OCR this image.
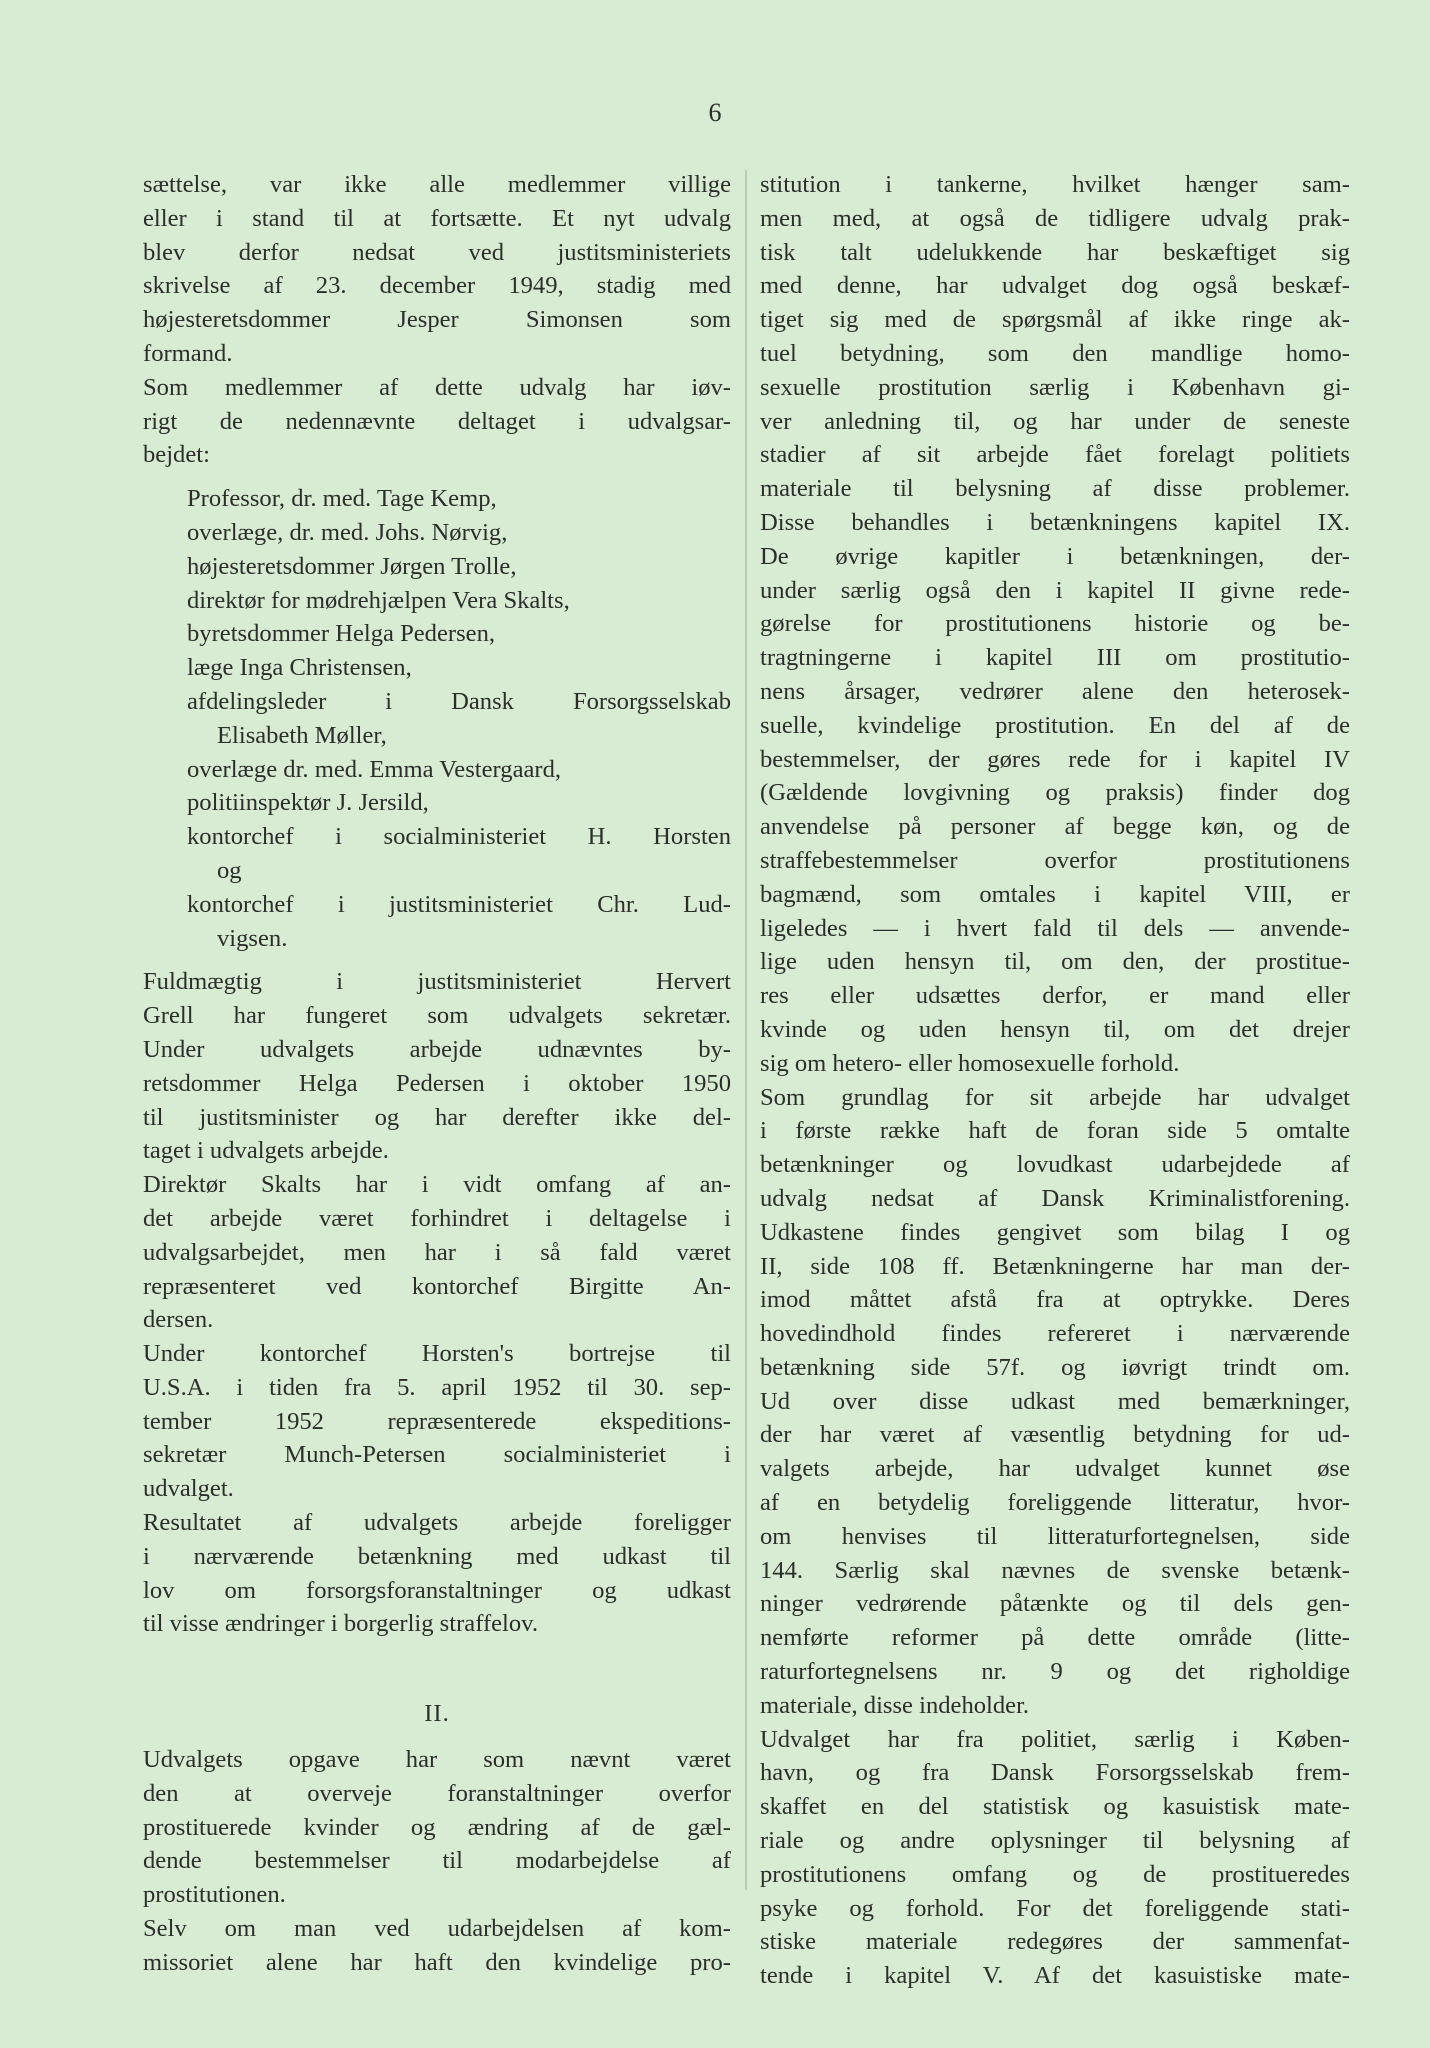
6
sættelse, var ikke alle medlemmer villige
eller i stand til at fortsætte. Et nyt udvalg
blev derfor nedsat ved justitsministeriets
skrivelse af 23. december 1949, stadig med
højesteretsdommer Jesper Simonsen som
formand.
Som medlemmer af dette udvalg har iøv-
rigt de nedennævnte deltaget i udvalgsar-
bejdet:
Professor, dr. med. Tage Kemp,
overlæge, dr. med. Johs. Nørvig,
højesteretsdommer Jørgen Trolle,
direktør for mødrehjælpen Vera Skalts,
byretsdommer Helga Pedersen,
læge Inga Christensen,
afdelingsleder i Dansk Forsorgsselskab
Elisabeth Møller,
overlæge dr. med. Emma Vestergaard,
politiinspektør J. Jersild,
kontorchef i socialministeriet H. Horsten
og
kontorchef i justitsministeriet Chr. Lud-
vigsen.
Fuldmægtig i justitsministeriet Hervert
Grell har fungeret som udvalgets sekretær.
Under udvalgets arbejde udnævntes by-
retsdommer Helga Pedersen i oktober 1950
til justitsminister og har derefter ikke del-
taget i udvalgets arbejde.
Direktør Skalts har i vidt omfang af an-
det arbejde været forhindret i deltagelse i
udvalgsarbejdet, men har i så fald været
repræsenteret ved kontorchef Birgitte An-
dersen.
Under kontorchef Horsten's bortrejse til
U.S.A. i tiden fra 5. april 1952 til 30. sep-
tember 1952 repræsenterede ekspeditions-
sekretær Munch-Petersen socialministeriet i
udvalget.
Resultatet af udvalgets arbejde foreligger
i nærværende betænkning med udkast til
lov om forsorgsforanstaltninger og udkast
til visse ændringer i borgerlig straffelov.
II.
Udvalgets opgave har som nævnt været
den at overveje foranstaltninger overfor
prostituerede kvinder og ændring af de gæl-
dende bestemmelser til modarbejdelse af
prostitutionen.
Selv om man ved udarbejdelsen af kom-
missoriet alene har haft den kvindelige pro-
stitution i tankerne, hvilket hænger sam-
men med, at også de tidligere udvalg prak-
tisk talt udelukkende har beskæftiget sig
med denne, har udvalget dog også beskæf-
tiget sig med de spørgsmål af ikke ringe ak-
tuel betydning, som den mandlige homo-
sexuelle prostitution særlig i København gi-
ver anledning til, og har under de seneste
stadier af sit arbejde fået forelagt politiets
materiale til belysning af disse problemer.
Disse behandles i betænkningens kapitel IX.
De øvrige kapitler i betænkningen, der-
under særlig også den i kapitel II givne rede-
gørelse for prostitutionens historie og be-
tragtningerne i kapitel III om prostitutio-
nens årsager, vedrører alene den heterosek-
suelle, kvindelige prostitution. En del af de
bestemmelser, der gøres rede for i kapitel IV
(Gældende lovgivning og praksis) finder dog
anvendelse på personer af begge køn, og de
straffebestemmelser overfor prostitutionens
bagmænd, som omtales i kapitel VIII, er
ligeledes — i hvert fald til dels — anvende-
lige uden hensyn til, om den, der prostitue-
res eller udsættes derfor, er mand eller
kvinde og uden hensyn til, om det drejer
sig om hetero- eller homosexuelle forhold.
Som grundlag for sit arbejde har udvalget
i første række haft de foran side 5 omtalte
betænkninger og lovudkast udarbejdede af
udvalg nedsat af Dansk Kriminalistforening.
Udkastene findes gengivet som bilag I og
II, side 108 ff. Betænkningerne har man der-
imod måttet afstå fra at optrykke. Deres
hovedindhold findes refereret i nærværende
betænkning side 57f. og iøvrigt trindt om.
Ud over disse udkast med bemærkninger,
der har været af væsentlig betydning for ud-
valgets arbejde, har udvalget kunnet øse
af en betydelig foreliggende litteratur, hvor-
om henvises til litteraturfortegnelsen, side
144. Særlig skal nævnes de svenske betænk-
ninger vedrørende påtænkte og til dels gen-
nemførte reformer på dette område (litte-
raturfortegnelsens nr. 9 og det righoldige
materiale, disse indeholder.
Udvalget har fra politiet, særlig i Køben-
havn, og fra Dansk Forsorgsselskab frem-
skaffet en del statistisk og kasuistisk mate-
riale og andre oplysninger til belysning af
prostitutionens omfang og de prostitueredes
psyke og forhold. For det foreliggende stati-
stiske materiale redegøres der sammenfat-
tende i kapitel V. Af det kasuistiske mate-
